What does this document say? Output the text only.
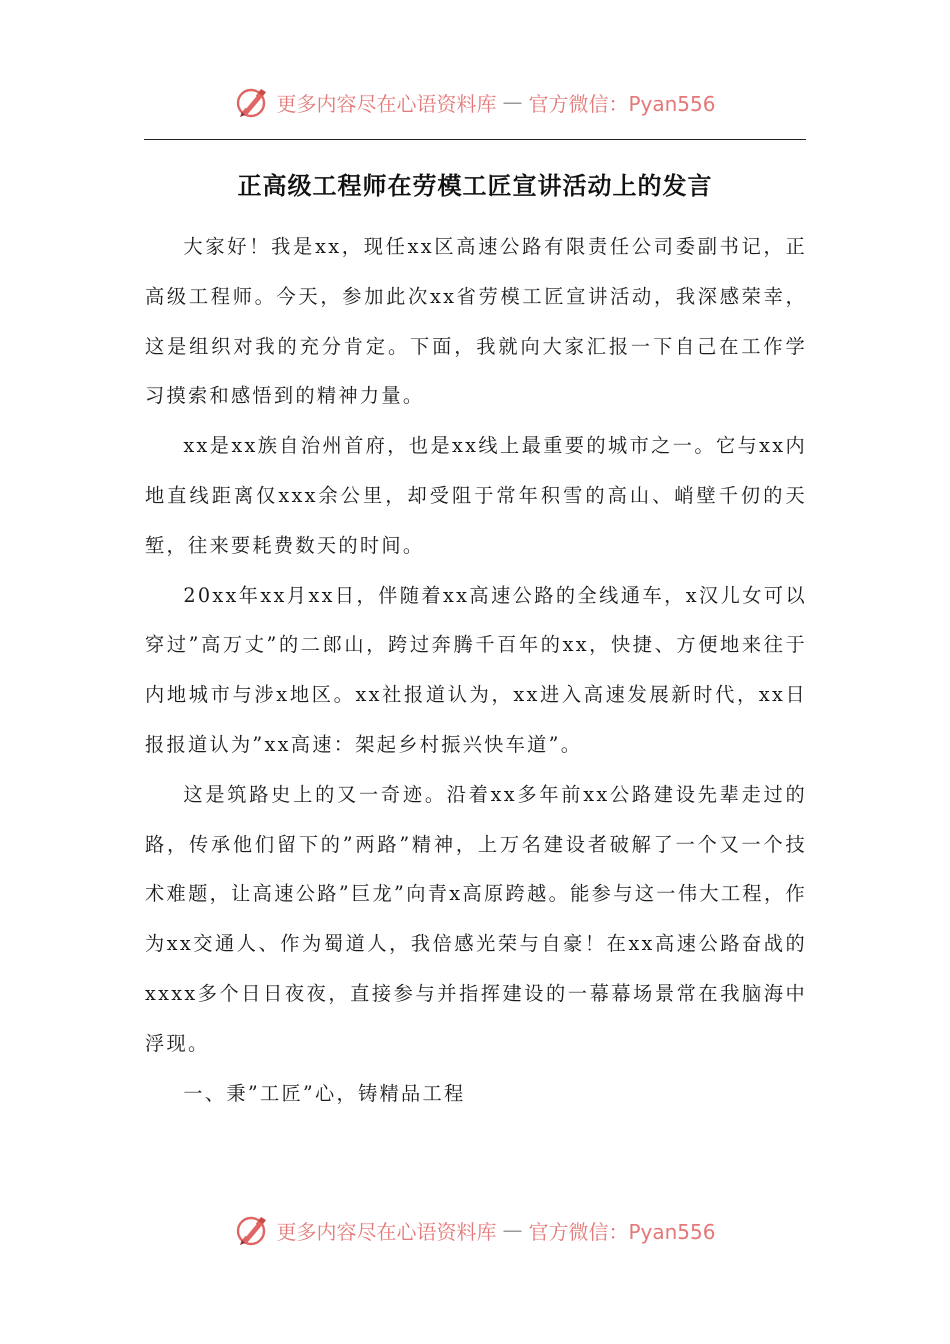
更多内容尽在心语资料库 — 官方微信：Pyan556
正高级工程师在劳模工匠宣讲活动上的发言

大家好！我是xx，现任xx区高速公路有限责任公司委副书记，正高级工程师。今天，参加此次xx省劳模工匠宣讲活动，我深感荣幸，这是组织对我的充分肯定。下面，我就向大家汇报一下自己在工作学习摸索和感悟到的精神力量。

xx是xx族自治州首府，也是xx线上最重要的城市之一。它与xx内地直线距离仅xxx余公里，却受阻于常年积雪的高山、峭壁千仞的天堑，往来要耗费数天的时间。

20xx年xx月xx日，伴随着xx高速公路的全线通车，x汉儿女可以穿过”高万丈”的二郎山，跨过奔腾千百年的xx，快捷、方便地来往于内地城市与涉x地区。xx社报道认为，xx进入高速发展新时代，xx日报报道认为”xx高速：架起乡村振兴快车道”。

这是筑路史上的又一奇迹。沿着xx多年前xx公路建设先辈走过的路，传承他们留下的”两路”精神，上万名建设者破解了一个又一个技术难题，让高速公路”巨龙”向青x高原跨越。能参与这一伟大工程，作为xx交通人、作为蜀道人，我倍感光荣与自豪！在xx高速公路奋战的xxxx多个日日夜夜，直接参与并指挥建设的一幕幕场景常在我脑海中浮现。

一、秉”工匠”心，铸精品工程

更多内容尽在心语资料库 — 官方微信：Pyan556
